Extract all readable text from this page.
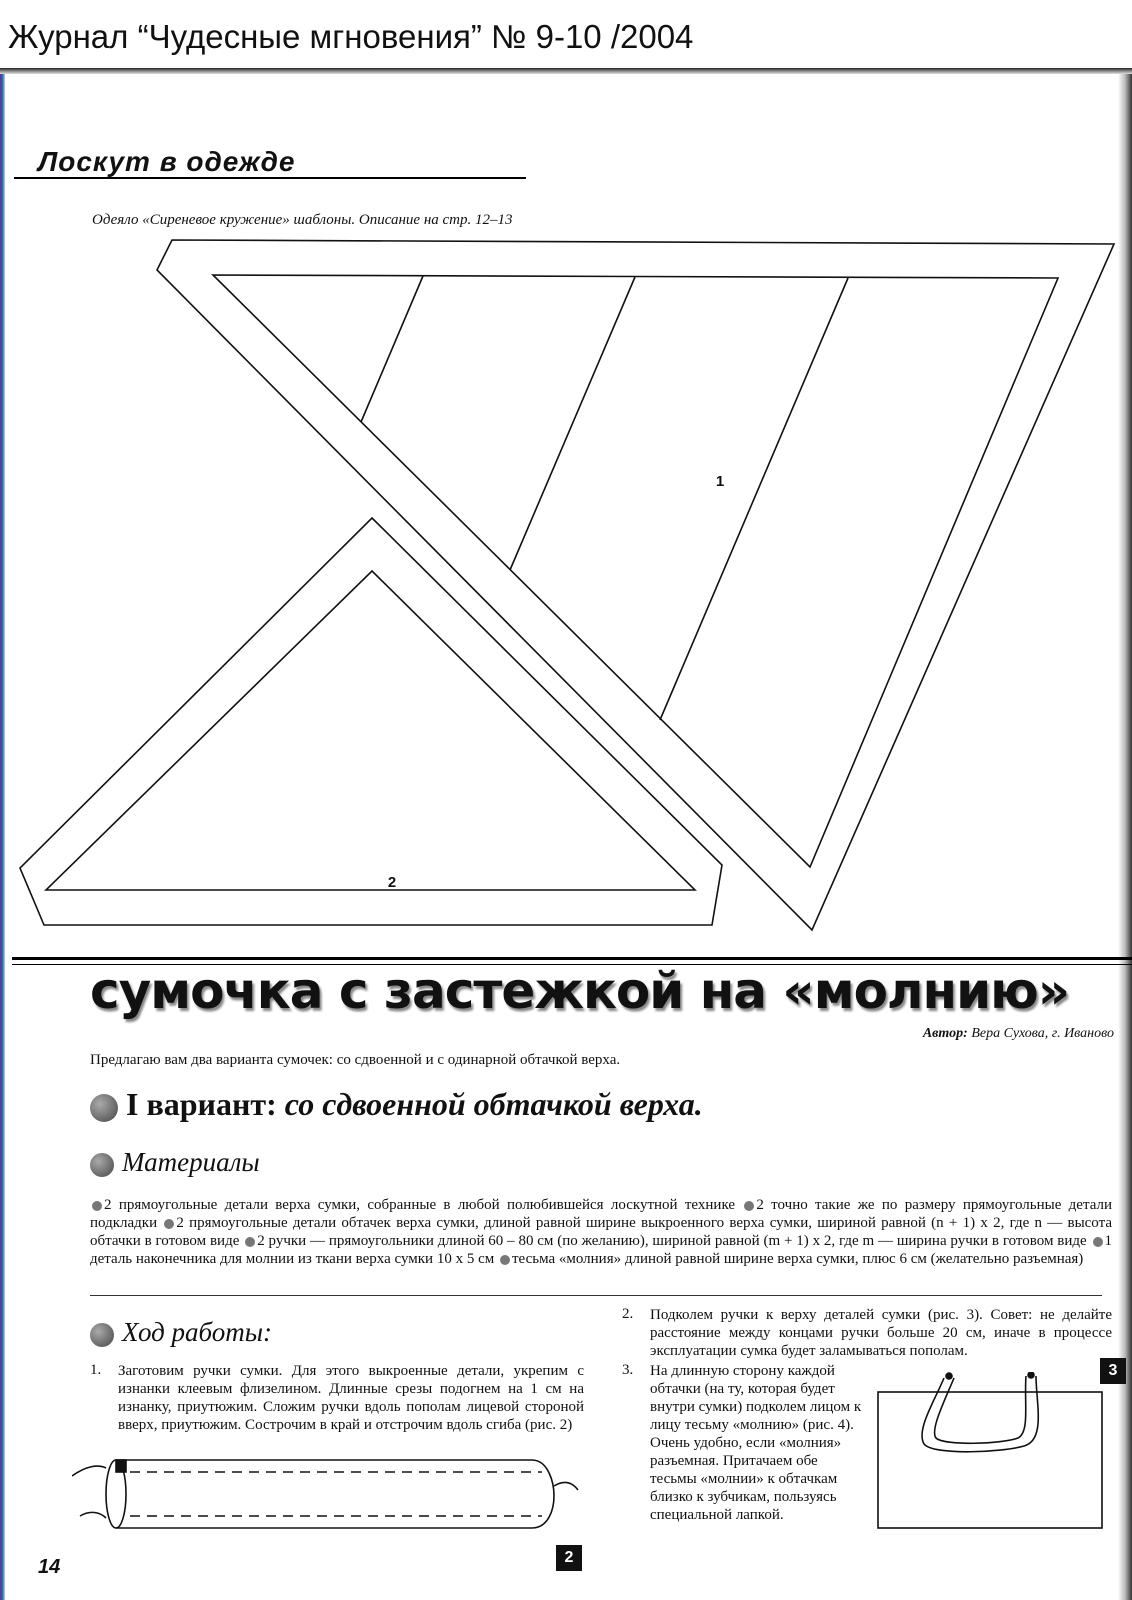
Журнал “Чудесные мгновения” № 9-10 /2004
Лоскут в одежде
Одеяло «Сиреневое кружение» шаблоны. Описание на стр. 12–13
1
2
сумочка с застежкой на «молнию»
Автор: Вера Сухова, г. Иваново
Предлагаю вам два варианта сумочек: со сдвоенной и с одинарной обтачкой верха.
I вариант: со сдвоенной обтачкой верха.
Материалы
2 прямоугольные детали верха сумки, собранные в любой полюбившейся лоскутной технике 2 точно такие же по размеру прямоугольные детали подкладки 2 прямоугольные детали обтачек верха сумки, длиной равной ширине выкроенного верха сумки, шириной равной (n + 1) x 2, где n — высота обтачки в готовом виде 2 ручки — прямоугольники длиной 60 – 80 см (по желанию), шириной равной (m + 1) x 2, где m — ширина ручки в готовом виде 1 деталь наконечника для молнии из ткани верха сумки 10 х 5 см тесьма «молния» длиной равной ширине верха сумки, плюс 6 см (желательно разъемная)
Ход работы:
1. Заготовим ручки сумки. Для этого выкроенные детали, укрепим с изнанки клеевым флизелином. Длинные срезы подогнем на 1 см на изнанку, приутюжим. Сложим ручки вдоль пополам лицевой стороной вверх, приутюжим. Сострочим в край и отстрочим вдоль сгиба (рис. 2)
2. Подколем ручки к верху деталей сумки (рис. 3). Совет: не делайте расстояние между концами ручки больше 20 см, иначе в процессе эксплуатации сумка будет заламываться пополам.
3. На длинную сторону каждой обтачки (на ту, которая будет внутри сумки) подколем лицом к лицу тесьму «молнию» (рис. 4). Очень удобно, если «молния» разъемная. Притачаем обе тесьмы «молнии» к обтачкам близко к зубчикам, пользуясь специальной лапкой.
2
3
14
